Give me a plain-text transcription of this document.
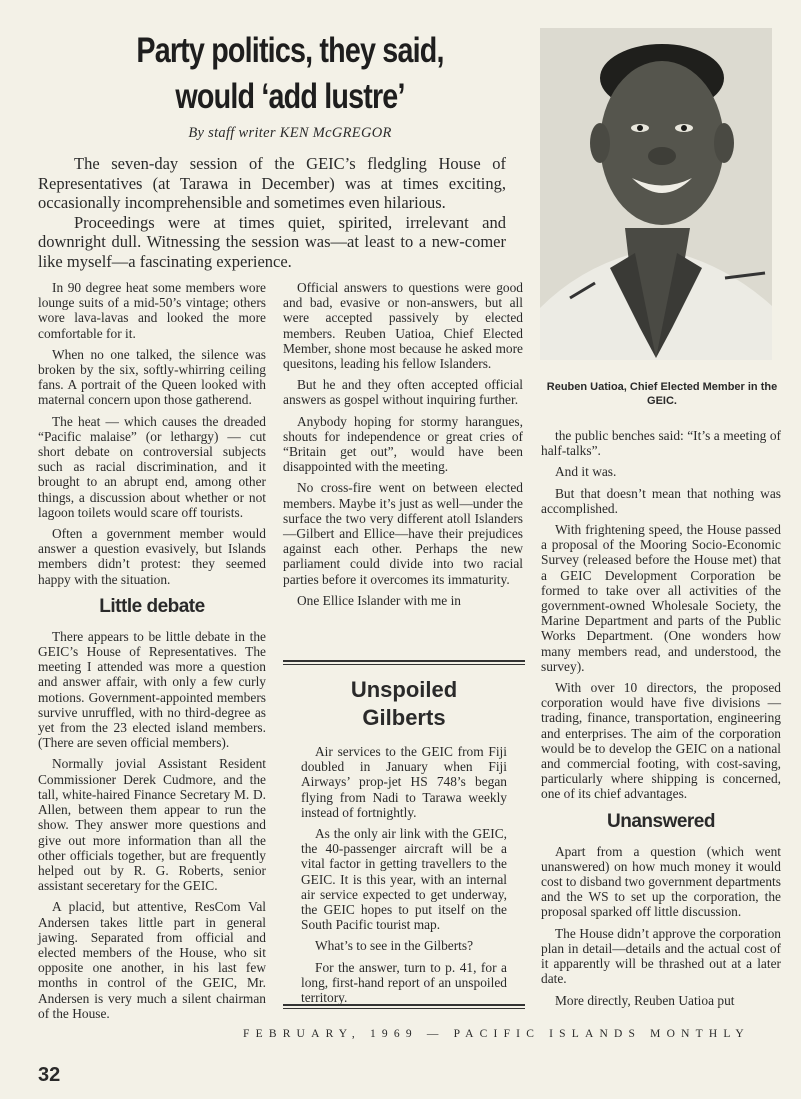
Party politics, they said,
would ‘add lustre’
By staff writer KEN McGREGOR

The seven-day session of the GEIC’s fledgling House of Representatives (at Tarawa in December) was at times exciting, occasionally incomprehensible and sometimes even hilarious.

Proceedings were at times quiet, spirited, irrelevant and downright dull. Witnessing the session was—at least to a new-comer like myself—a fascinating experience.

Reuben Uatioa, Chief Elected Member in the GEIC.

In 90 degree heat some members wore lounge suits of a mid-50’s vintage; others wore lava-lavas and looked the more comfortable for it.

When no one talked, the silence was broken by the six, softly-whirring ceiling fans. A portrait of the Queen looked with maternal concern upon those gatherend.

The heat — which causes the dreaded “Pacific malaise” (or lethargy) — cut short debate on controversial subjects such as racial discrimination, and it brought to an abrupt end, among other things, a discussion about whether or not lagoon toilets would scare off tourists.

Often a government member would answer a question evasively, but Islands members didn’t protest: they seemed happy with the situation.

Little debate

There appears to be little debate in the GEIC’s House of Representatives. The meeting I attended was more a question and answer affair, with only a few curly motions. Government-appointed members survive unruffled, with no third-degree as yet from the 23 elected island members. (There are seven official members).

Normally jovial Assistant Resident Commissioner Derek Cudmore, and the tall, white-haired Finance Secretary M. D. Allen, between them appear to run the show. They answer more questions and give out more information than all the other officials together, but are frequently helped out by R. G. Roberts, senior assistant seceretary for the GEIC.

A placid, but attentive, ResCom Val Andersen takes little part in general jawing. Separated from official and elected members of the House, who sit opposite one another, in his last few months in control of the GEIC, Mr. Andersen is very much a silent chairman of the House.

Official answers to questions were good and bad, evasive or non-answers, but all were accepted passively by elected members. Reuben Uatioa, Chief Elected Member, shone most because he asked more quesitons, leading his fellow Islanders.

But he and they often accepted official answers as gospel without inquiring further.

Anybody hoping for stormy harangues, shouts for independence or great cries of “Britain get out”, would have been disappointed with the meeting.

No cross-fire went on between elected members. Maybe it’s just as well—under the surface the two very different atoll Islanders—Gilbert and Ellice—have their prejudices against each other. Perhaps the new parliament could divide into two racial parties before it overcomes its immaturity.

One Ellice Islander with me in

Unspoiled
Gilberts

Air services to the GEIC from Fiji doubled in January when Fiji Airways’ prop-jet HS 748’s began flying from Nadi to Tarawa weekly instead of fortnightly.

As the only air link with the GEIC, the 40-passenger aircraft will be a vital factor in getting travellers to the GEIC. It is this year, with an internal air service expected to get underway, the GEIC hopes to put itself on the South Pacific tourist map.

What’s to see in the Gilberts?

For the answer, turn to p. 41, for a long, first-hand report of an unspoiled territory.

the public benches said: “It’s a meeting of half-talks”.

And it was.

But that doesn’t mean that nothing was accomplished.

With frightening speed, the House passed a proposal of the Mooring Socio-Economic Survey (released before the House met) that a GEIC Development Corporation be formed to take over all activities of the government-owned Wholesale Society, the Marine Department and parts of the Public Works Department. (One wonders how many members read, and understood, the survey).

With over 10 directors, the proposed corporation would have five divisions — trading, finance, transportation, engineering and enterprises. The aim of the corporation would be to develop the GEIC on a national and commercial footing, with cost-saving, particularly where shipping is concerned, one of its chief advantages.

Unanswered

Apart from a question (which went unanswered) on how much money it would cost to disband two government departments and the WS to set up the corporation, the proposal sparked off little discussion.

The House didn’t approve the corporation plan in detail—details and the actual cost of it apparently will be thrashed out at a later date.

More directly, Reuben Uatioa put

32
FEBRUARY, 1969 — PACIFIC ISLANDS MONTHLY
